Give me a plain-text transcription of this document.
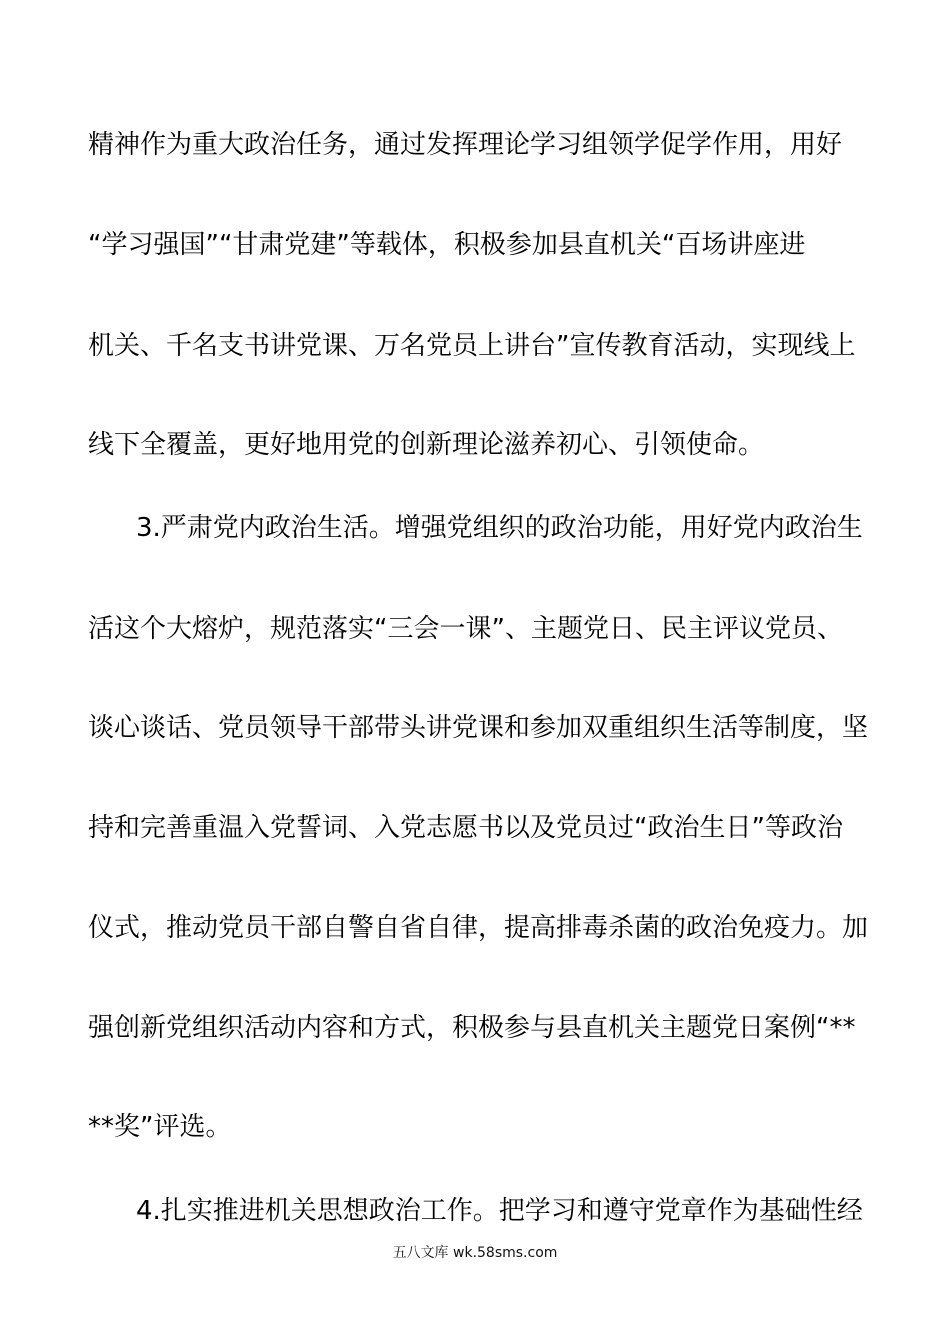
精神作为重大政治任务，通过发挥理论学习组领学促学作用，用好
“学习强国”“甘肃党建”等载体，积极参加县直机关“百场讲座进
机关、千名支书讲党课、万名党员上讲台”宣传教育活动，实现线上
线下全覆盖，更好地用党的创新理论滋养初心、引领使命。
3.严肃党内政治生活。增强党组织的政治功能，用好党内政治生
活这个大熔炉，规范落实“三会一课”、主题党日、民主评议党员、
谈心谈话、党员领导干部带头讲党课和参加双重组织生活等制度，坚
持和完善重温入党誓词、入党志愿书以及党员过“政治生日”等政治
仪式，推动党员干部自警自省自律，提高排毒杀菌的政治免疫力。加
强创新党组织活动内容和方式，积极参与县直机关主题党日案例“**
**奖”评选。
4.扎实推进机关思想政治工作。把学习和遵守党章作为基础性经
五八文库 wk.58sms.com
